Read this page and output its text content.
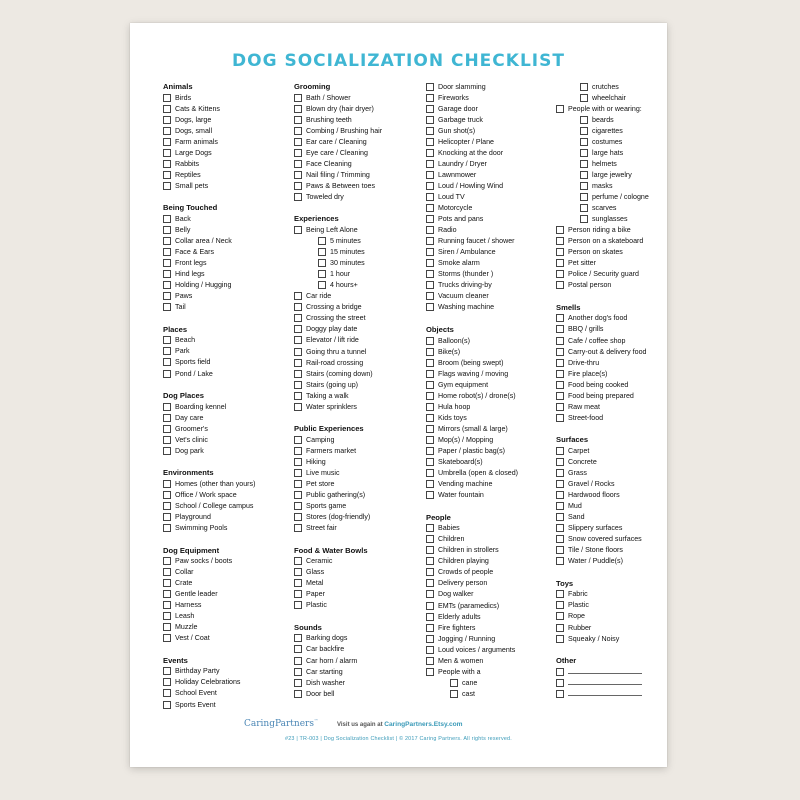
DOG SOCIALIZATION CHECKLIST
Animals
Birds
Cats & Kittens
Dogs, large
Dogs, small
Farm animals
Large Dogs
Rabbits
Reptiles
Small pets
Being Touched
Back
Belly
Collar area / Neck
Face & Ears
Front legs
Hind legs
Holding / Hugging
Paws
Tail
Places
Beach
Park
Sports field
Pond / Lake
Dog Places
Boarding kennel
Day care
Groomer's
Vet's clinic
Dog park
Environments
Homes (other than yours)
Office / Work space
School / College campus
Playground
Swimming Pools
Dog Equipment
Paw socks / boots
Collar
Crate
Gentle leader
Harness
Leash
Muzzle
Vest / Coat
Events
Birthday Party
Holiday Celebrations
School Event
Sports Event
Grooming
Bath / Shower
Blown dry (hair dryer)
Brushing teeth
Combing / Brushing hair
Ear care / Cleaning
Eye care / Cleaning
Face Cleaning
Nail filing / Trimming
Paws & Between toes
Toweled dry
Experiences
Being Left Alone
5 minutes
15 minutes
30 minutes
1 hour
4 hours+
Car ride
Crossing a bridge
Crossing the street
Doggy play date
Elevator / lift ride
Going thru a tunnel
Rail-road crossing
Stairs (coming down)
Stairs (going up)
Taking a walk
Water sprinklers
Public Experiences
Camping
Farmers market
Hiking
Live music
Pet store
Public gathering(s)
Sports game
Stores (dog-friendly)
Street fair
Food & Water Bowls
Ceramic
Glass
Metal
Paper
Plastic
Sounds
Barking dogs
Car backfire
Car horn / alarm
Car starting
Dish washer
Door bell
Door slamming
Fireworks
Garage door
Garbage truck
Gun shot(s)
Helicopter / Plane
Knocking at the door
Laundry / Dryer
Lawnmower
Loud / Howling Wind
Loud TV
Motorcycle
Pots and pans
Radio
Running faucet / shower
Siren / Ambulance
Smoke alarm
Storms (thunder )
Trucks driving-by
Vacuum cleaner
Washing machine
Objects
Balloon(s)
Bike(s)
Broom (being swept)
Flags waving / moving
Gym equipment
Home robot(s) / drone(s)
Hula hoop
Kids toys
Mirrors (small & large)
Mop(s) / Mopping
Paper / plastic bag(s)
Skateboard(s)
Umbrella (open & closed)
Vending machine
Water fountain
People
Babies
Children
Children in strollers
Children playing
Crowds of people
Delivery person
Dog walker
EMTs (paramedics)
Elderly adults
Fire fighters
Jogging / Running
Loud voices / arguments
Men & women
People with a
cane
cast
crutches
wheelchair
People with or wearing:
beards
cigarettes
costumes
large hats
helmets
large jewelry
masks
perfume / cologne
scarves
sunglasses
Person riding a bike
Person on a skateboard
Person on skates
Pet sitter
Police / Security guard
Postal person
Smells
Another dog's food
BBQ / grills
Cafe / coffee shop
Carry-out & delivery food
Drive-thru
Fire place(s)
Food being cooked
Food being prepared
Raw meat
Street-food
Surfaces
Carpet
Concrete
Grass
Gravel / Rocks
Hardwood floors
Mud
Sand
Slippery surfaces
Snow covered surfaces
Tile / Stone floors
Water / Puddle(s)
Toys
Fabric
Plastic
Rope
Rubber
Squeaky / Noisy
Other
CaringPartners™
Visit us again at CaringPartners.Etsy.com
#23 | TR-003 | Dog Socialization Checklist | © 2017 Caring Partners. All rights reserved.
